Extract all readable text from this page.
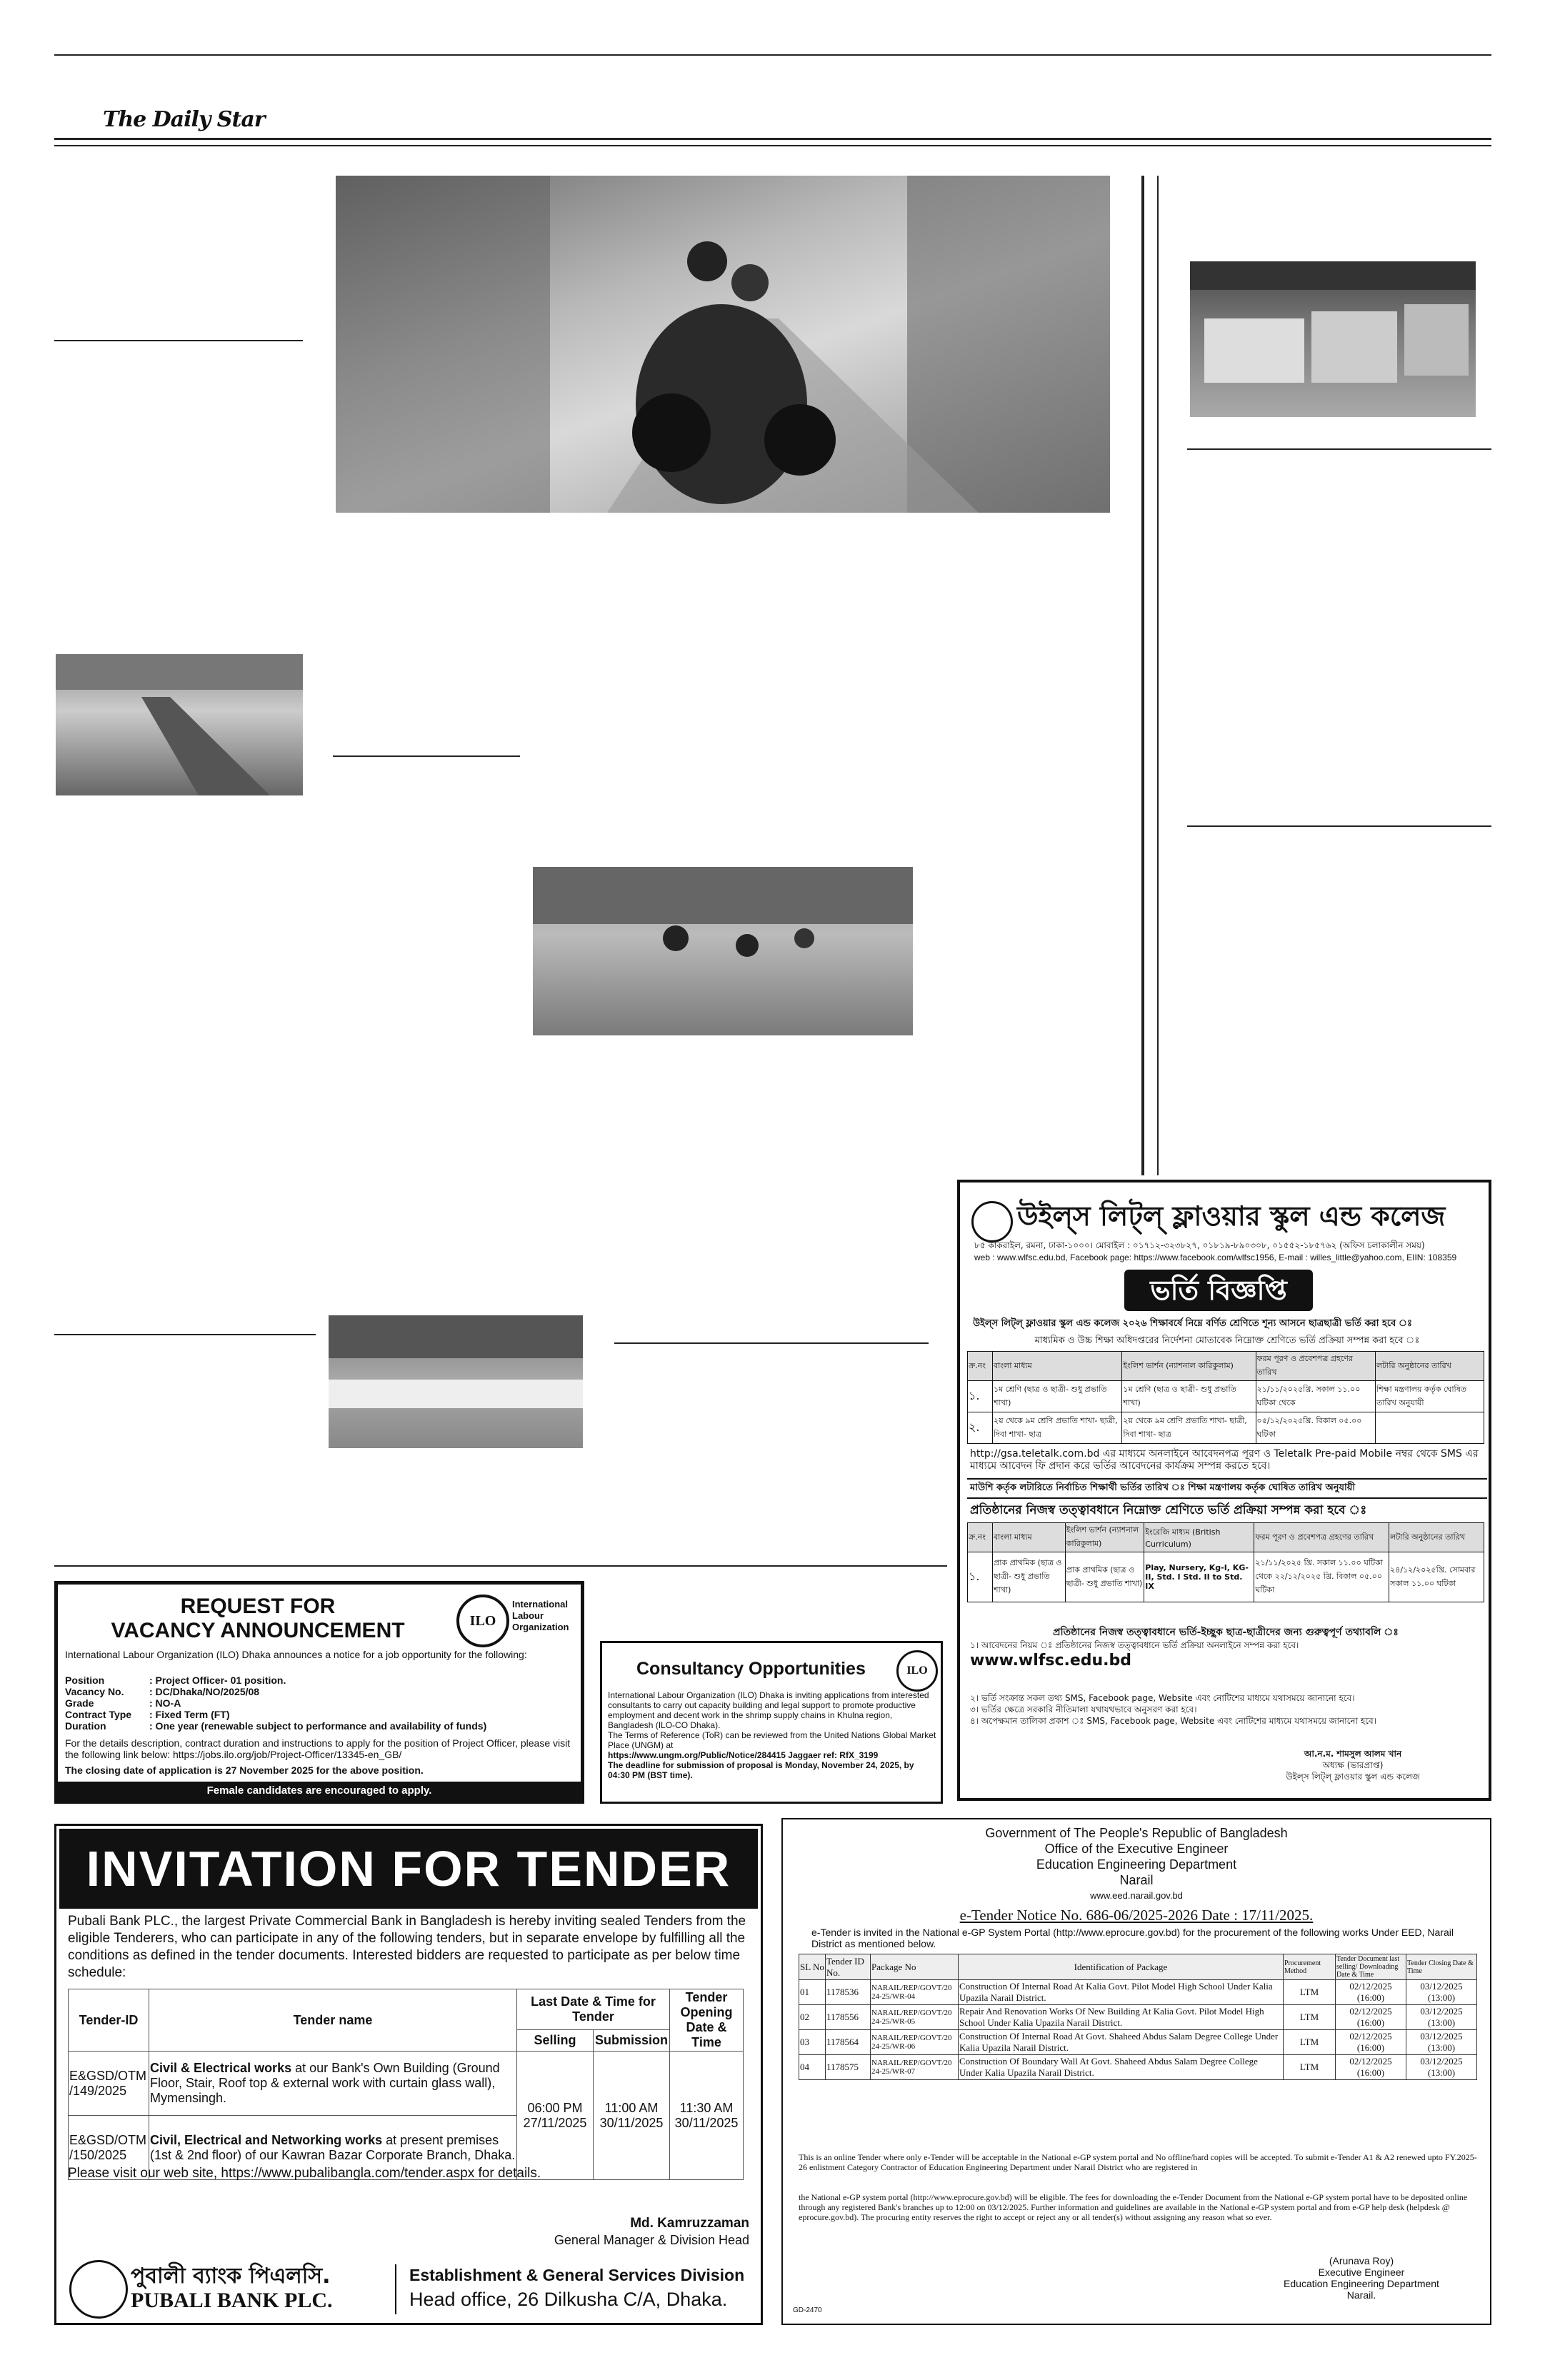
The Daily Star
REQUEST FOR
VACANCY ANNOUNCEMENT	ILO
International
Labour
Organization
International Labour Organization (ILO) Dhaka announces a notice for a job opportunity for the following:
Position	: Project Officer- 01 position.
Vacancy No.	: DC/Dhaka/NO/2025/08
Grade	: NO-A
Contract Type	: Fixed Term (FT)
Duration	: One year (renewable subject to performance and availability of funds)
For the details description, contract duration and instructions to apply for the position of Project Officer, please visit the following link below: https://jobs.ilo.org/job/Project-Officer/13345-en_GB/
The closing date of application is 27 November 2025 for the above position.
Female candidates are encouraged to apply.
Consultancy Opportunities	ILO
International Labour Organization (ILO) Dhaka is inviting applications from interested consultants to carry out capacity building and legal support to promote productive employment and decent work in the shrimp supply chains in Khulna region, Bangladesh (ILO-CO Dhaka).
The Terms of Reference (ToR) can be reviewed from the United Nations Global Market Place (UNGM) at
https://www.ungm.org/Public/Notice/284415 Jaggaer ref: RfX_3199
The deadline for submission of proposal is Monday, November 24, 2025, by 04:30 PM (BST time).
উইল্‌স লিট্‌ল্ ফ্লাওয়ার স্কুল এন্ড কলেজ
৮৫ কাকরাইল, রমনা, ঢাকা-১০০০। মোবাইল : ০১৭১২-৩২৩৮২৭, ০১৮১৯-৮৯০৩০৮, ০১৫৫২-১৮৫৭৬২ (অফিস চলাকালীন সময়)
web : www.wlfsc.edu.bd, Facebook page: https://www.facebook.com/wlfsc1956, E-mail : willes_little@yahoo.com, EIIN: 108359
ভর্তি বিজ্ঞপ্তি
উইল্‌স লিট্‌ল্ ফ্লাওয়ার স্কুল এন্ড কলেজ ২০২৬ শিক্ষাবর্ষে নিম্নে বর্ণিত শ্রেণিতে শূন্য আসনে ছাত্রছাত্রী ভর্তি করা হবে ঃ
মাধ্যমিক ও উচ্চ শিক্ষা অধিদপ্তরের নির্দেশনা মোতাবেক নিম্নোক্ত শ্রেণিতে ভর্তি প্রক্রিয়া সম্পন্ন করা হবে ঃ
ক্র.নং	বাংলা মাধ্যম	ইংলিশ ভার্শন (ন্যাশনাল কারিকুলাম)	ফরম পূরণ ও প্রবেশপত্র গ্রহণের তারিখ	লটারি অনুষ্ঠানের তারিখ
১.	১ম শ্রেণি (ছাত্র ও ছাত্রী- শুধু প্রভাতি শাখা)	১ম শ্রেণি (ছাত্র ও ছাত্রী- শুধু প্রভাতি শাখা)	২১/১১/২০২৫খ্রি. সকাল ১১.০০ ঘটিকা থেকে	শিক্ষা মন্ত্রণালয় কর্তৃক ঘোষিত তারিখ অনুযায়ী
২.	২য় থেকে ৯ম শ্রেণি প্রভাতি শাখা- ছাত্রী, দিবা শাখা- ছাত্র	২য় থেকে ৯ম শ্রেণি প্রভাতি শাখা- ছাত্রী, দিবা শাখা- ছাত্র	০৫/১২/২০২৫খ্রি. বিকাল ০৫.০০ ঘটিকা	
http://gsa.teletalk.com.bd এর মাধ্যমে অনলাইনে আবেদনপত্র পূরণ ও Teletalk Pre-paid Mobile নম্বর থেকে SMS এর মাধ্যমে আবেদন ফি প্রদান করে ভর্তির আবেদনের কার্যক্রম সম্পন্ন করতে হবে।
মাউশি কর্তৃক লটারিতে নির্বাচিত শিক্ষার্থী ভর্তির তারিখ ঃ শিক্ষা মন্ত্রণালয় কর্তৃক ঘোষিত তারিখ অনুযায়ী
প্রতিষ্ঠানের নিজস্ব তত্ত্বাবধানে নিম্নোক্ত শ্রেণিতে ভর্তি প্রক্রিয়া সম্পন্ন করা হবে ঃ
ক্র.নং	বাংলা মাধ্যম	ইংলিশ ভার্শন (ন্যাশনাল কারিকুলাম)	ইংরেজি মাধ্যম (British Curriculum)	ফরম পূরণ ও প্রবেশপত্র গ্রহণের তারিখ	লটারি অনুষ্ঠানের তারিখ
১.	প্রাক প্রাথমিক (ছাত্র ও ছাত্রী- শুধু প্রভাতি শাখা)	প্রাক প্রাথমিক (ছাত্র ও ছাত্রী- শুধু প্রভাতি শাখা)	Play, Nursery, Kg-I, KG-II, Std. I Std. II to Std. IX	২১/১১/২০২৫ খ্রি. সকাল ১১.০০ ঘটিকা থেকে ২২/১২/২০২৫ খ্রি. বিকাল ০৫.০০ ঘটিকা	২৪/১২/২০২৫খ্রি. সোমবার সকাল ১১.০০ ঘটিকা
প্রতিষ্ঠানের নিজস্ব তত্ত্বাবধানে ভর্তি-ইচ্ছুক ছাত্র-ছাত্রীদের জন্য গুরুত্বপূর্ণ তথ্যাবলি ঃ
১। আবেদনের নিয়ম ঃ প্রতিষ্ঠানের নিজস্ব তত্ত্বাবধানে ভর্তি প্রক্রিয়া অনলাইনে সম্পন্ন করা হবে।
www.wlfsc.edu.bd
২। ভর্তি সংক্রান্ত সকল তথ্য SMS, Facebook page, Website এবং নোটিশের মাধ্যমে যথাসময়ে জানানো হবে।
৩। ভর্তির ক্ষেত্রে সরকারি নীতিমালা যথাযথভাবে অনুসরণ করা হবে।
৪। অপেক্ষমান তালিকা প্রকাশ ঃ SMS, Facebook page, Website এবং নোটিশের মাধ্যমে যথাসময়ে জানানো হবে।
আ.ন.ম. শামসুল আলম খান
অধ্যক্ষ (ভারপ্রাপ্ত)
উইল্‌স লিট্‌ল্ ফ্লাওয়ার স্কুল এন্ড কলেজ
INVITATION FOR TENDER
Pubali Bank PLC., the largest Private Commercial Bank in Bangladesh is hereby inviting sealed Tenders from the eligible Tenderers, who can participate in any of the following tenders, but in separate envelope by fulfilling all the conditions as defined in the tender documents. Interested bidders are requested to participate as per below time schedule:
Tender-ID	Tender name	Last Date & Time for Tender		Tender Opening Date & Time
		Selling	Submission	
E&GSD/OTM /149/2025	Civil & Electrical works at our Bank's Own Building (Ground Floor, Stair, Roof top & external work with curtain glass wall), Mymensingh.	06:00 PM 27/11/2025	11:00 AM 30/11/2025	11:30 AM 30/11/2025
E&GSD/OTM /150/2025	Civil, Electrical and Networking works at present premises (1st & 2nd floor) of our Kawran Bazar Corporate Branch, Dhaka.			
Please visit our web site, https://www.pubalibangla.com/tender.aspx for details.
Md. Kamruzzaman
General Manager & Division Head
পুবালী ব্যাংক পিএলসি.
PUBALI BANK PLC.
Establishment & General Services Division
Head office, 26 Dilkusha C/A, Dhaka.
Government of The People's Republic of Bangladesh
Office of the Executive Engineer
Education Engineering Department
Narail
www.eed.narail.gov.bd
e-Tender Notice No. 686-06/2025-2026 Date : 17/11/2025.
e-Tender is invited in the National e-GP System Portal (http://www.eprocure.gov.bd) for the procurement of the following works Under EED, Narail District as mentioned below.
SL No	Tender ID No.	Package No	Identification of Package	Procurement Method	Tender Document last selling/ Downloading Date & Time	Tender Closing Date & Time
01	1178536	NARAIL/REP/GOVT/20 24-25/WR-04	Construction Of Internal Road At Kalia Govt. Pilot Model High School Under Kalia Upazila Narail District.	LTM	02/12/2025 (16:00)	03/12/2025 (13:00)
02	1178556	NARAIL/REP/GOVT/20 24-25/WR-05	Repair And Renovation Works Of New Building At Kalia Govt. Pilot Model High School Under Kalia Upazila Narail District.	LTM	02/12/2025 (16:00)	03/12/2025 (13:00)
03	1178564	NARAIL/REP/GOVT/20 24-25/WR-06	Construction Of Internal Road At Govt. Shaheed Abdus Salam Degree College Under Kalia Upazila Narail District.	LTM	02/12/2025 (16:00)	03/12/2025 (13:00)
04	1178575	NARAIL/REP/GOVT/20 24-25/WR-07	Construction Of Boundary Wall At Govt. Shaheed Abdus Salam Degree College Under Kalia Upazila Narail District.	LTM	02/12/2025 (16:00)	03/12/2025 (13:00)
This is an online Tender where only e-Tender will be acceptable in the National e-GP system portal and No offline/hard copies will be accepted. To submit e-Tender A1 & A2 renewed upto FY.2025-26 enlistment Category Contractor of Education Engineering Department under Narail District who are registered in
the National e-GP system portal (http://www.eprocure.gov.bd) will be eligible. The fees for downloading the e-Tender Document from the National e-GP system portal have to be deposited online through any registered Bank's branches up to 12:00 on 03/12/2025. Further information and guidelines are available in the National e-GP system portal and from e-GP help desk (helpdesk @ eprocure.gov.bd). The procuring entity reserves the right to accept or reject any or all tender(s) without assigning any reason what so ever.
(Arunava Roy)
Executive Engineer
Education Engineering Department
Narail.
GD-2470
